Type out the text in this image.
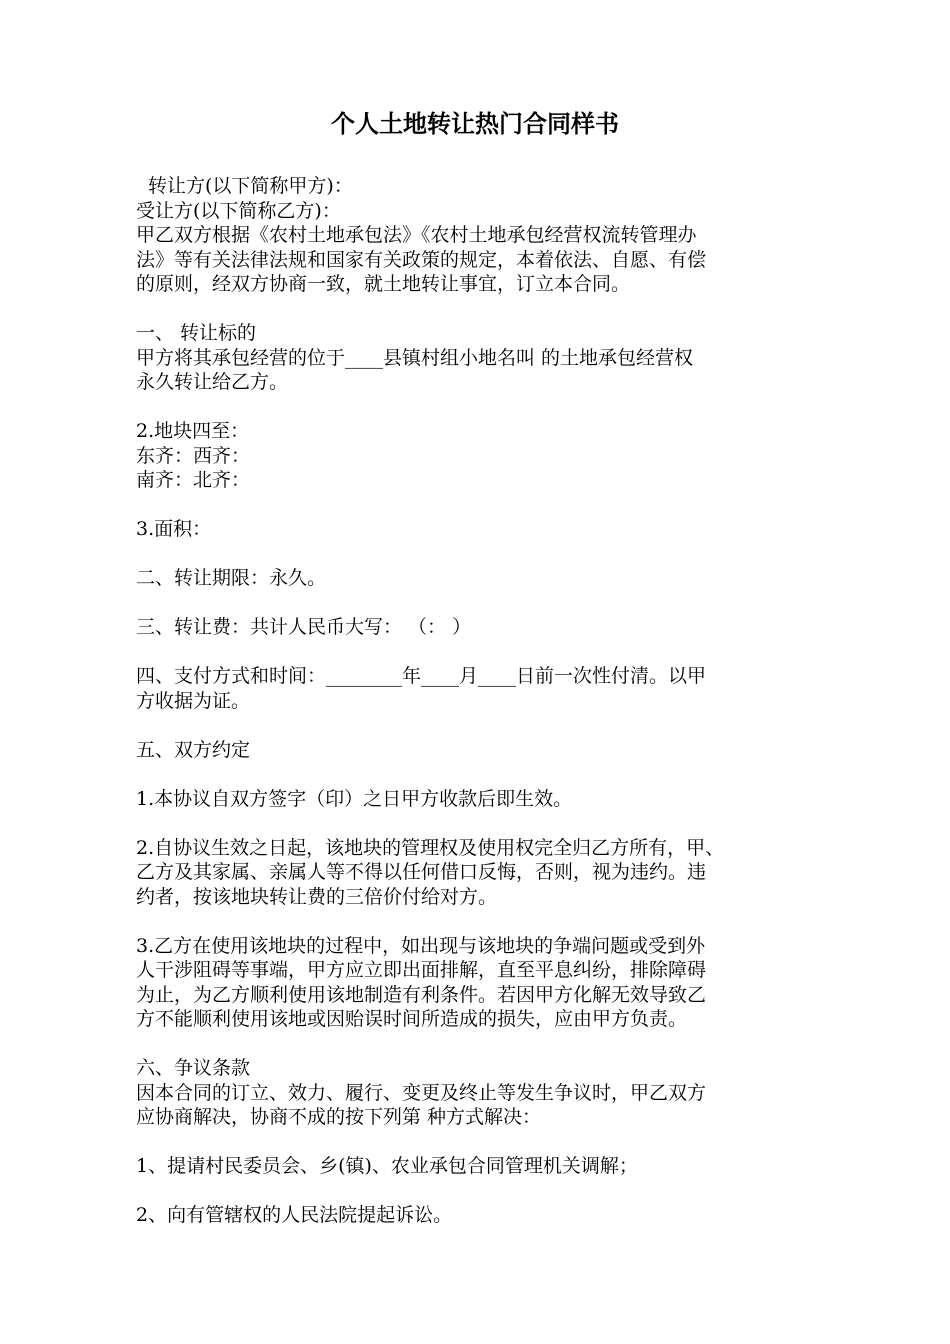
个人土地转让热门合同样书
转让方(以下简称甲方)：
受让方(以下简称乙方)：
甲乙双方根据《农村土地承包法》《农村土地承包经营权流转管理办
法》等有关法律法规和国家有关政策的规定，本着依法、自愿、有偿
的原则，经双方协商一致，就土地转让事宜，订立本合同。
一、 转让标的
甲方将其承包经营的位于____县镇村组小地名叫 的土地承包经营权
永久转让给乙方。
2.地块四至：
东齐：西齐：
南齐：北齐：
3.面积：
二、转让期限：永久。
三、转让费：共计人民币大写： （： ）
四、支付方式和时间：________年____月____日前一次性付清。以甲
方收据为证。
五、双方约定
1.本协议自双方签字（印）之日甲方收款后即生效。
2.自协议生效之日起，该地块的管理权及使用权完全归乙方所有，甲、
乙方及其家属、亲属人等不得以任何借口反悔，否则，视为违约。违
约者，按该地块转让费的三倍价付给对方。
3.乙方在使用该地块的过程中，如出现与该地块的争端问题或受到外
人干涉阻碍等事端，甲方应立即出面排解，直至平息纠纷，排除障碍
为止，为乙方顺利使用该地制造有利条件。若因甲方化解无效导致乙
方不能顺利使用该地或因贻误时间所造成的损失，应由甲方负责。
六、争议条款
因本合同的订立、效力、履行、变更及终止等发生争议时，甲乙双方
应协商解决，协商不成的按下列第 种方式解决：
1、提请村民委员会、乡(镇)、农业承包合同管理机关调解；
2、向有管辖权的人民法院提起诉讼。
